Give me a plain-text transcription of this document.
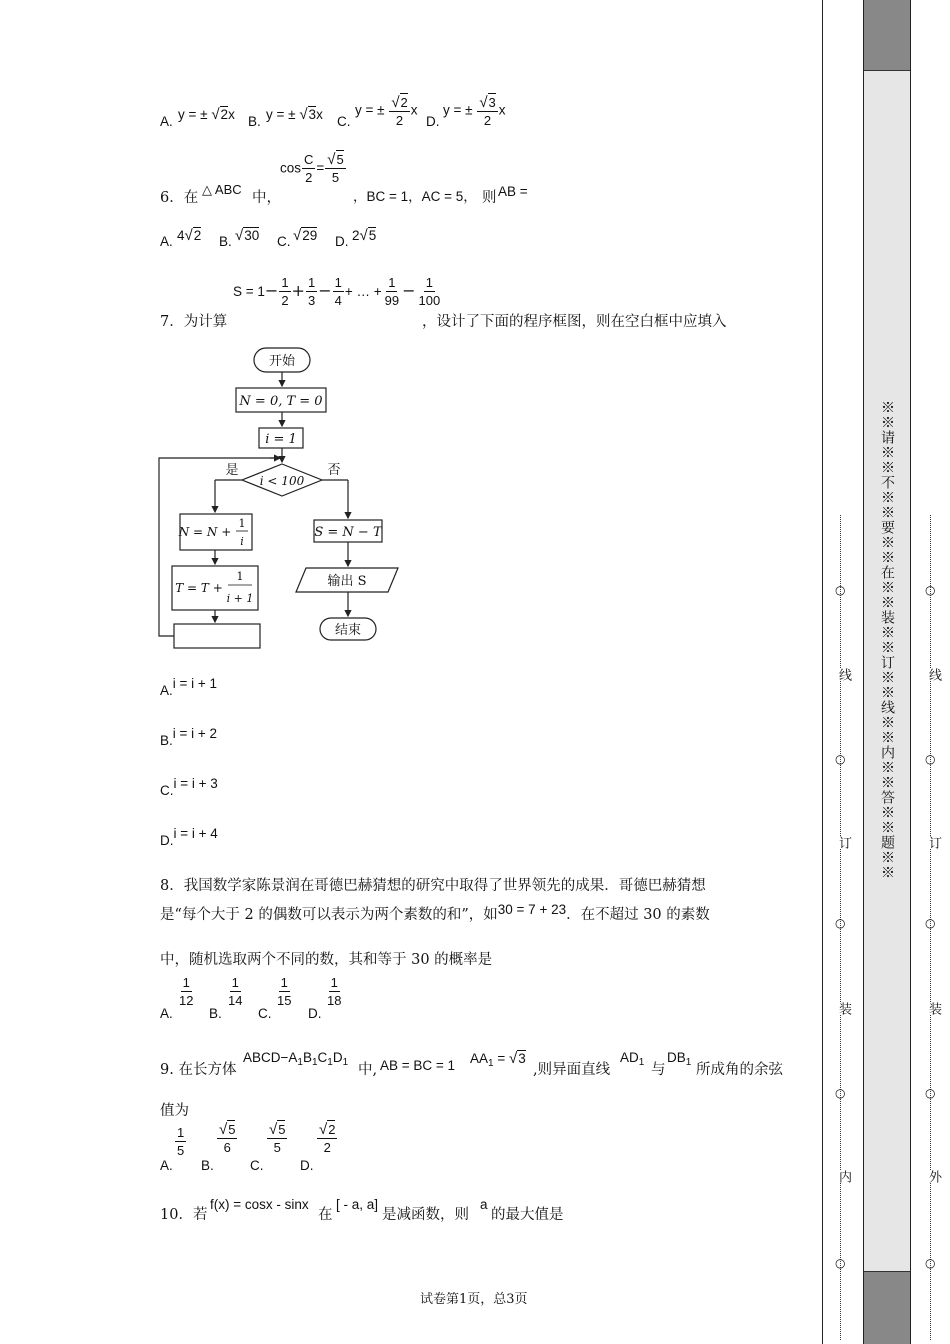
A. y = ± √2x B. y = ± √3x C.
y = ± $\frac{√2}{2}$ x
D.
y = ± $\frac{√3}{2}$ x
6．在
△ ABC
中，
$\cos \frac{C}{2} = \frac{√5}{5}$
，BC = 1，AC = 5， 则 AB =
A. 4√2 B. √30 C. √29 D. 2√5
7．为计算
$S = 1- \frac{1}{2} + \frac{1}{3} - \frac{1}{4}$ + … + $\frac{1}{99} - \frac{1}{100}$
，设计了下面的程序框图，则在空白框中应填入
开始
N = 0, T = 0
i = 1
i < 100
是	否
N = N +
1
i
T = T +
1
i + 1
S = N − T
输出 S
结束
A.i = i + 1
B.i = i + 2
C.i = i + 3
D.i = i + 4
8．我国数学家陈景润在哥德巴赫猜想的研究中取得了世界领先的成果．哥德巴赫猜想
是“每个大于 2 的偶数可以表示为两个素数的和”，如30 = 7 + 23．在不超过 30 的素数
中，随机选取两个不同的数，其和等于 30 的概率是
A.
$\frac{1}{12}$
B.
$\frac{1}{14}$
C.
$\frac{1}{15}$
D.
$\frac{1}{18}$
9. 在长方体
$ABCD-A_1B_1C_1D_1$ 中, AB = BC = 1 $AA_1 = √3$
,则异面直线
$AD_1$ 与
$DB_1$ 所成角的余弦
值为
A.
$\frac{1}{5}$
B.
$\frac{√5}{6}$
C.
$\frac{√5}{5}$
D.
$\frac{√2}{2}$
10．若
f(x) = cosx - sinx
在
[ - a, a]
是减函数，则
a
的最大值是
试卷第1页，总3页
※※请※※不※※要※※在※※装※※订※※线※※内※※答※※题※※
○
○
○
○
○
线
订
装
内
○
○
○
○
○
线
订
装
外
